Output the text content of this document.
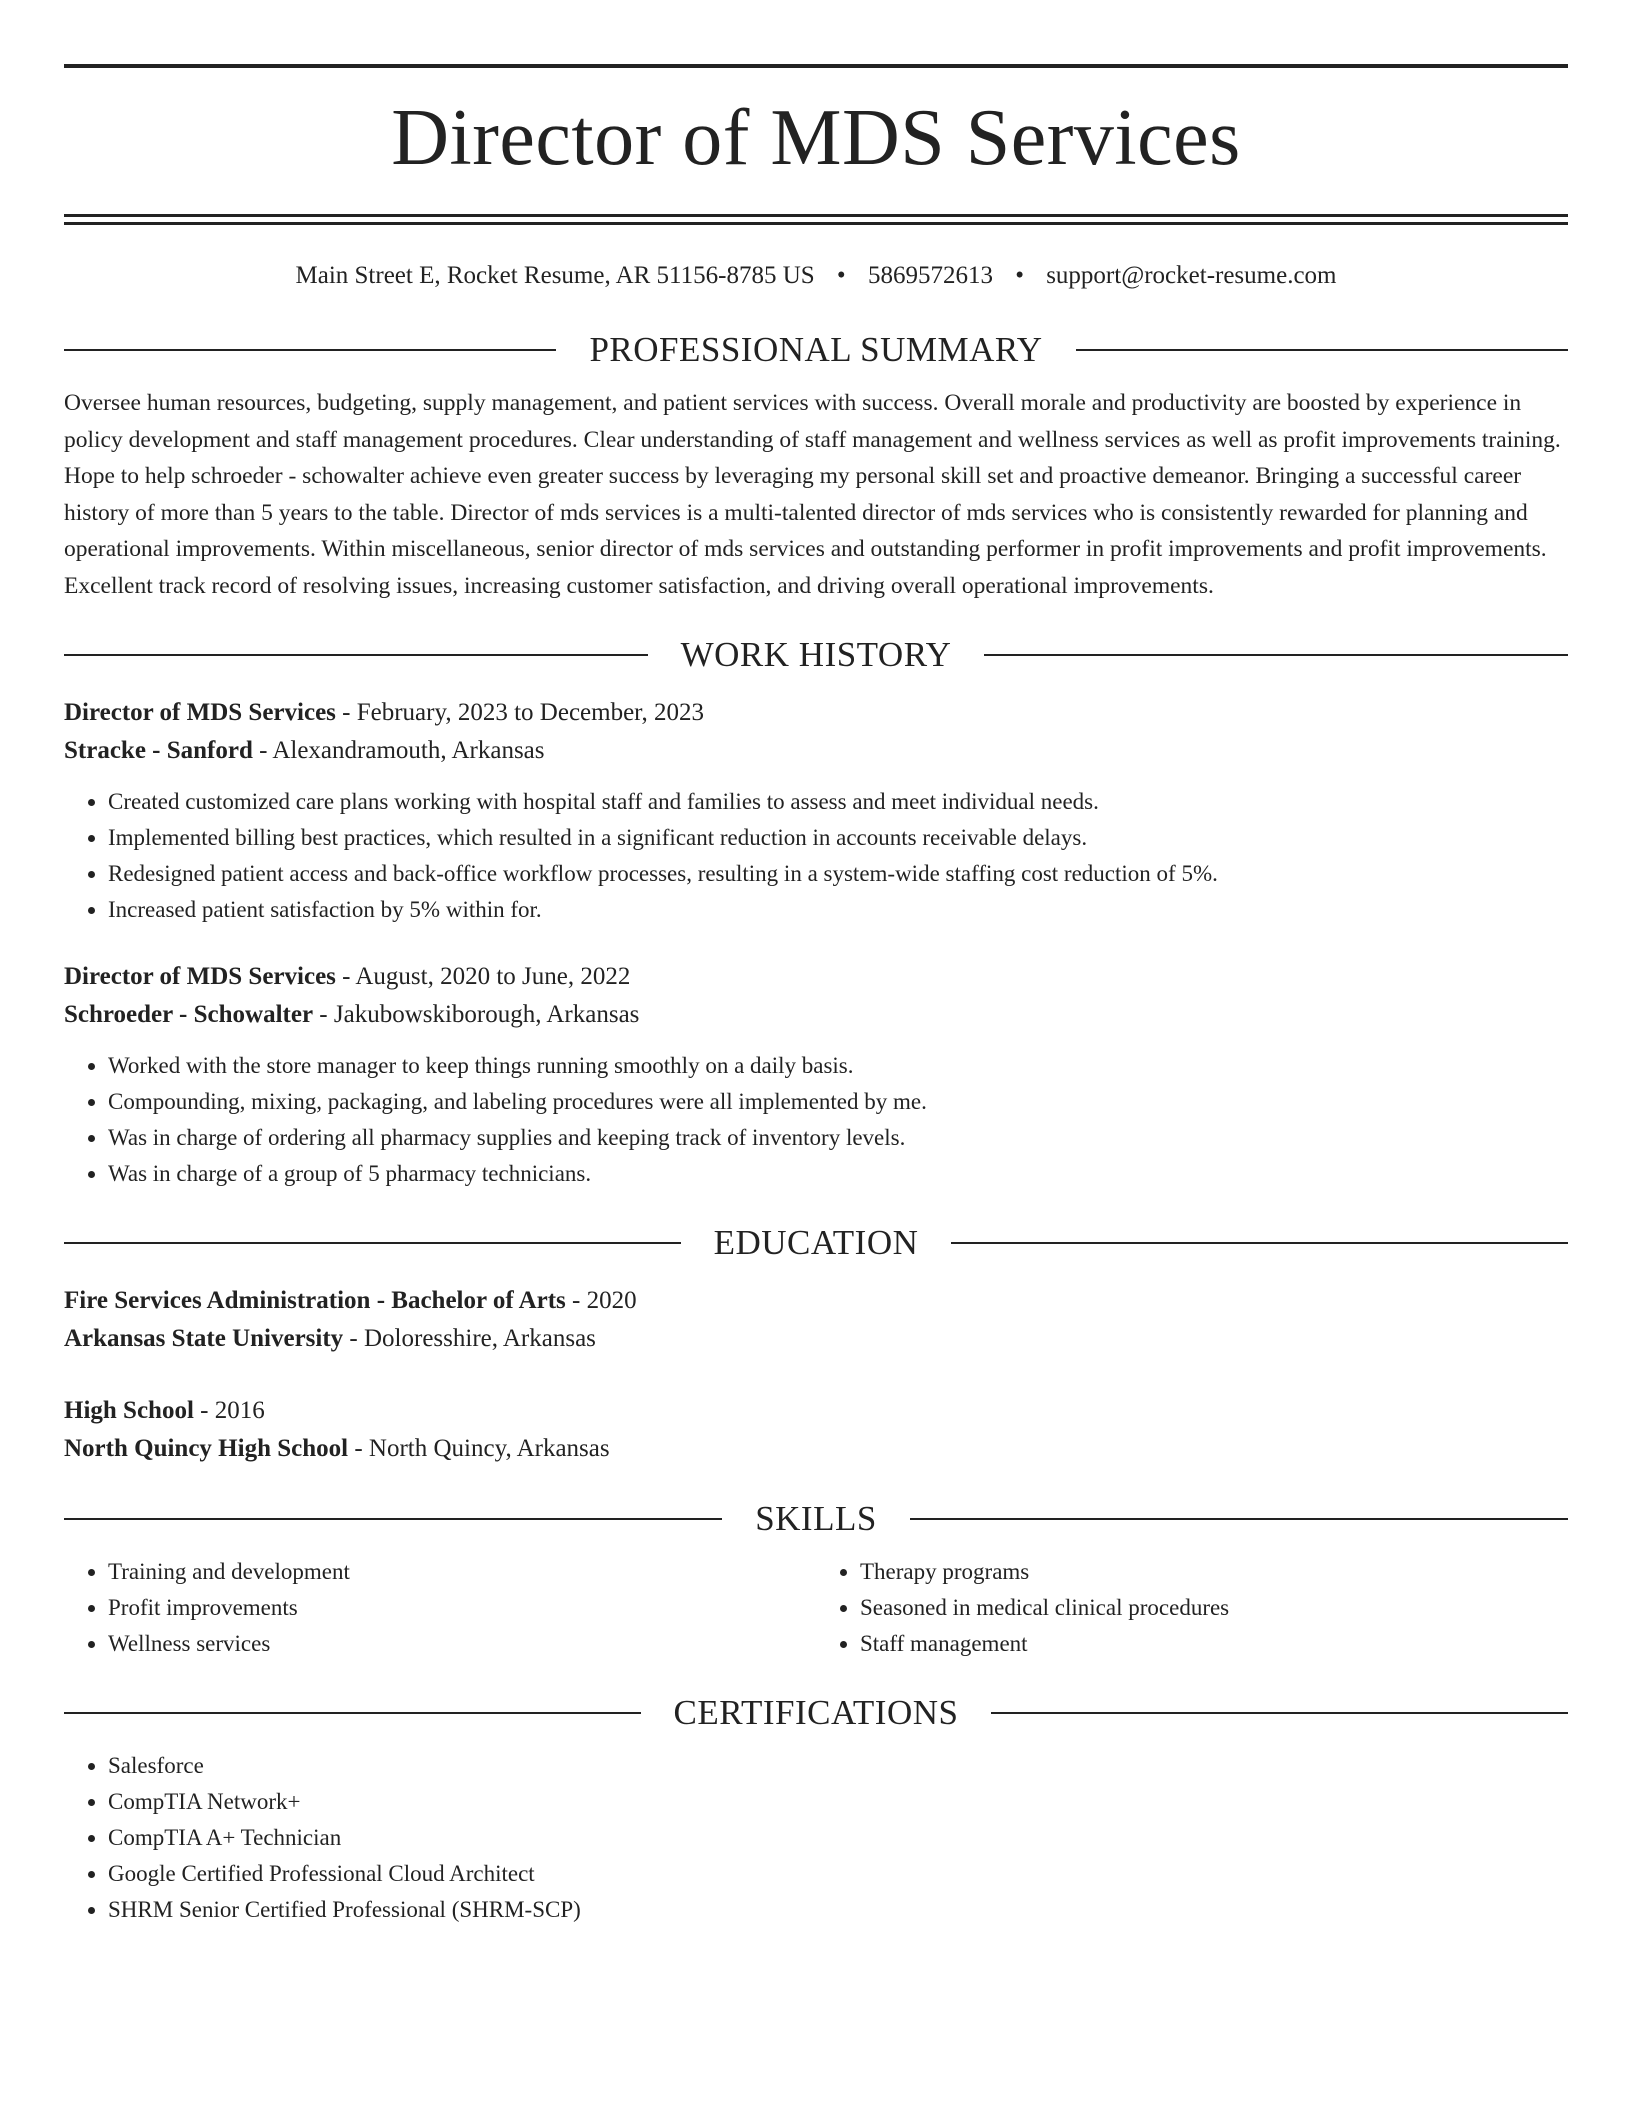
Director of MDS Services
Main Street E, Rocket Resume, AR 51156-8785 US • 5869572613 • support@rocket-resume.com
PROFESSIONAL SUMMARY

Oversee human resources, budgeting, supply management, and patient services with success. Overall morale and productivity are boosted by experience in policy development and staff management procedures. Clear understanding of staff management and wellness services as well as profit improvements training. Hope to help schroeder - schowalter achieve even greater success by leveraging my personal skill set and proactive demeanor. Bringing a successful career history of more than 5 years to the table. Director of mds services is a multi-talented director of mds services who is consistently rewarded for planning and operational improvements. Within miscellaneous, senior director of mds services and outstanding performer in profit improvements and profit improvements. Excellent track record of resolving issues, increasing customer satisfaction, and driving overall operational improvements.

WORK HISTORY
Director of MDS Services - February, 2023 to December, 2023
Stracke - Sanford - Alexandramouth, Arkansas
• Created customized care plans working with hospital staff and families to assess and meet individual needs.
• Implemented billing best practices, which resulted in a significant reduction in accounts receivable delays.
• Redesigned patient access and back-office workflow processes, resulting in a system-wide staffing cost reduction of 5%.
• Increased patient satisfaction by 5% within for.
Director of MDS Services - August, 2020 to June, 2022
Schroeder - Schowalter - Jakubowskiborough, Arkansas
• Worked with the store manager to keep things running smoothly on a daily basis.
• Compounding, mixing, packaging, and labeling procedures were all implemented by me.
• Was in charge of ordering all pharmacy supplies and keeping track of inventory levels.
• Was in charge of a group of 5 pharmacy technicians.
EDUCATION
Fire Services Administration - Bachelor of Arts - 2020
Arkansas State University - Doloresshire, Arkansas
High School - 2016
North Quincy High School - North Quincy, Arkansas
SKILLS
• Training and development
• Profit improvements
• Wellness services
• Therapy programs
• Seasoned in medical clinical procedures
• Staff management
CERTIFICATIONS
• Salesforce
• CompTIA Network+
• CompTIA A+ Technician
• Google Certified Professional Cloud Architect
• SHRM Senior Certified Professional (SHRM-SCP)
